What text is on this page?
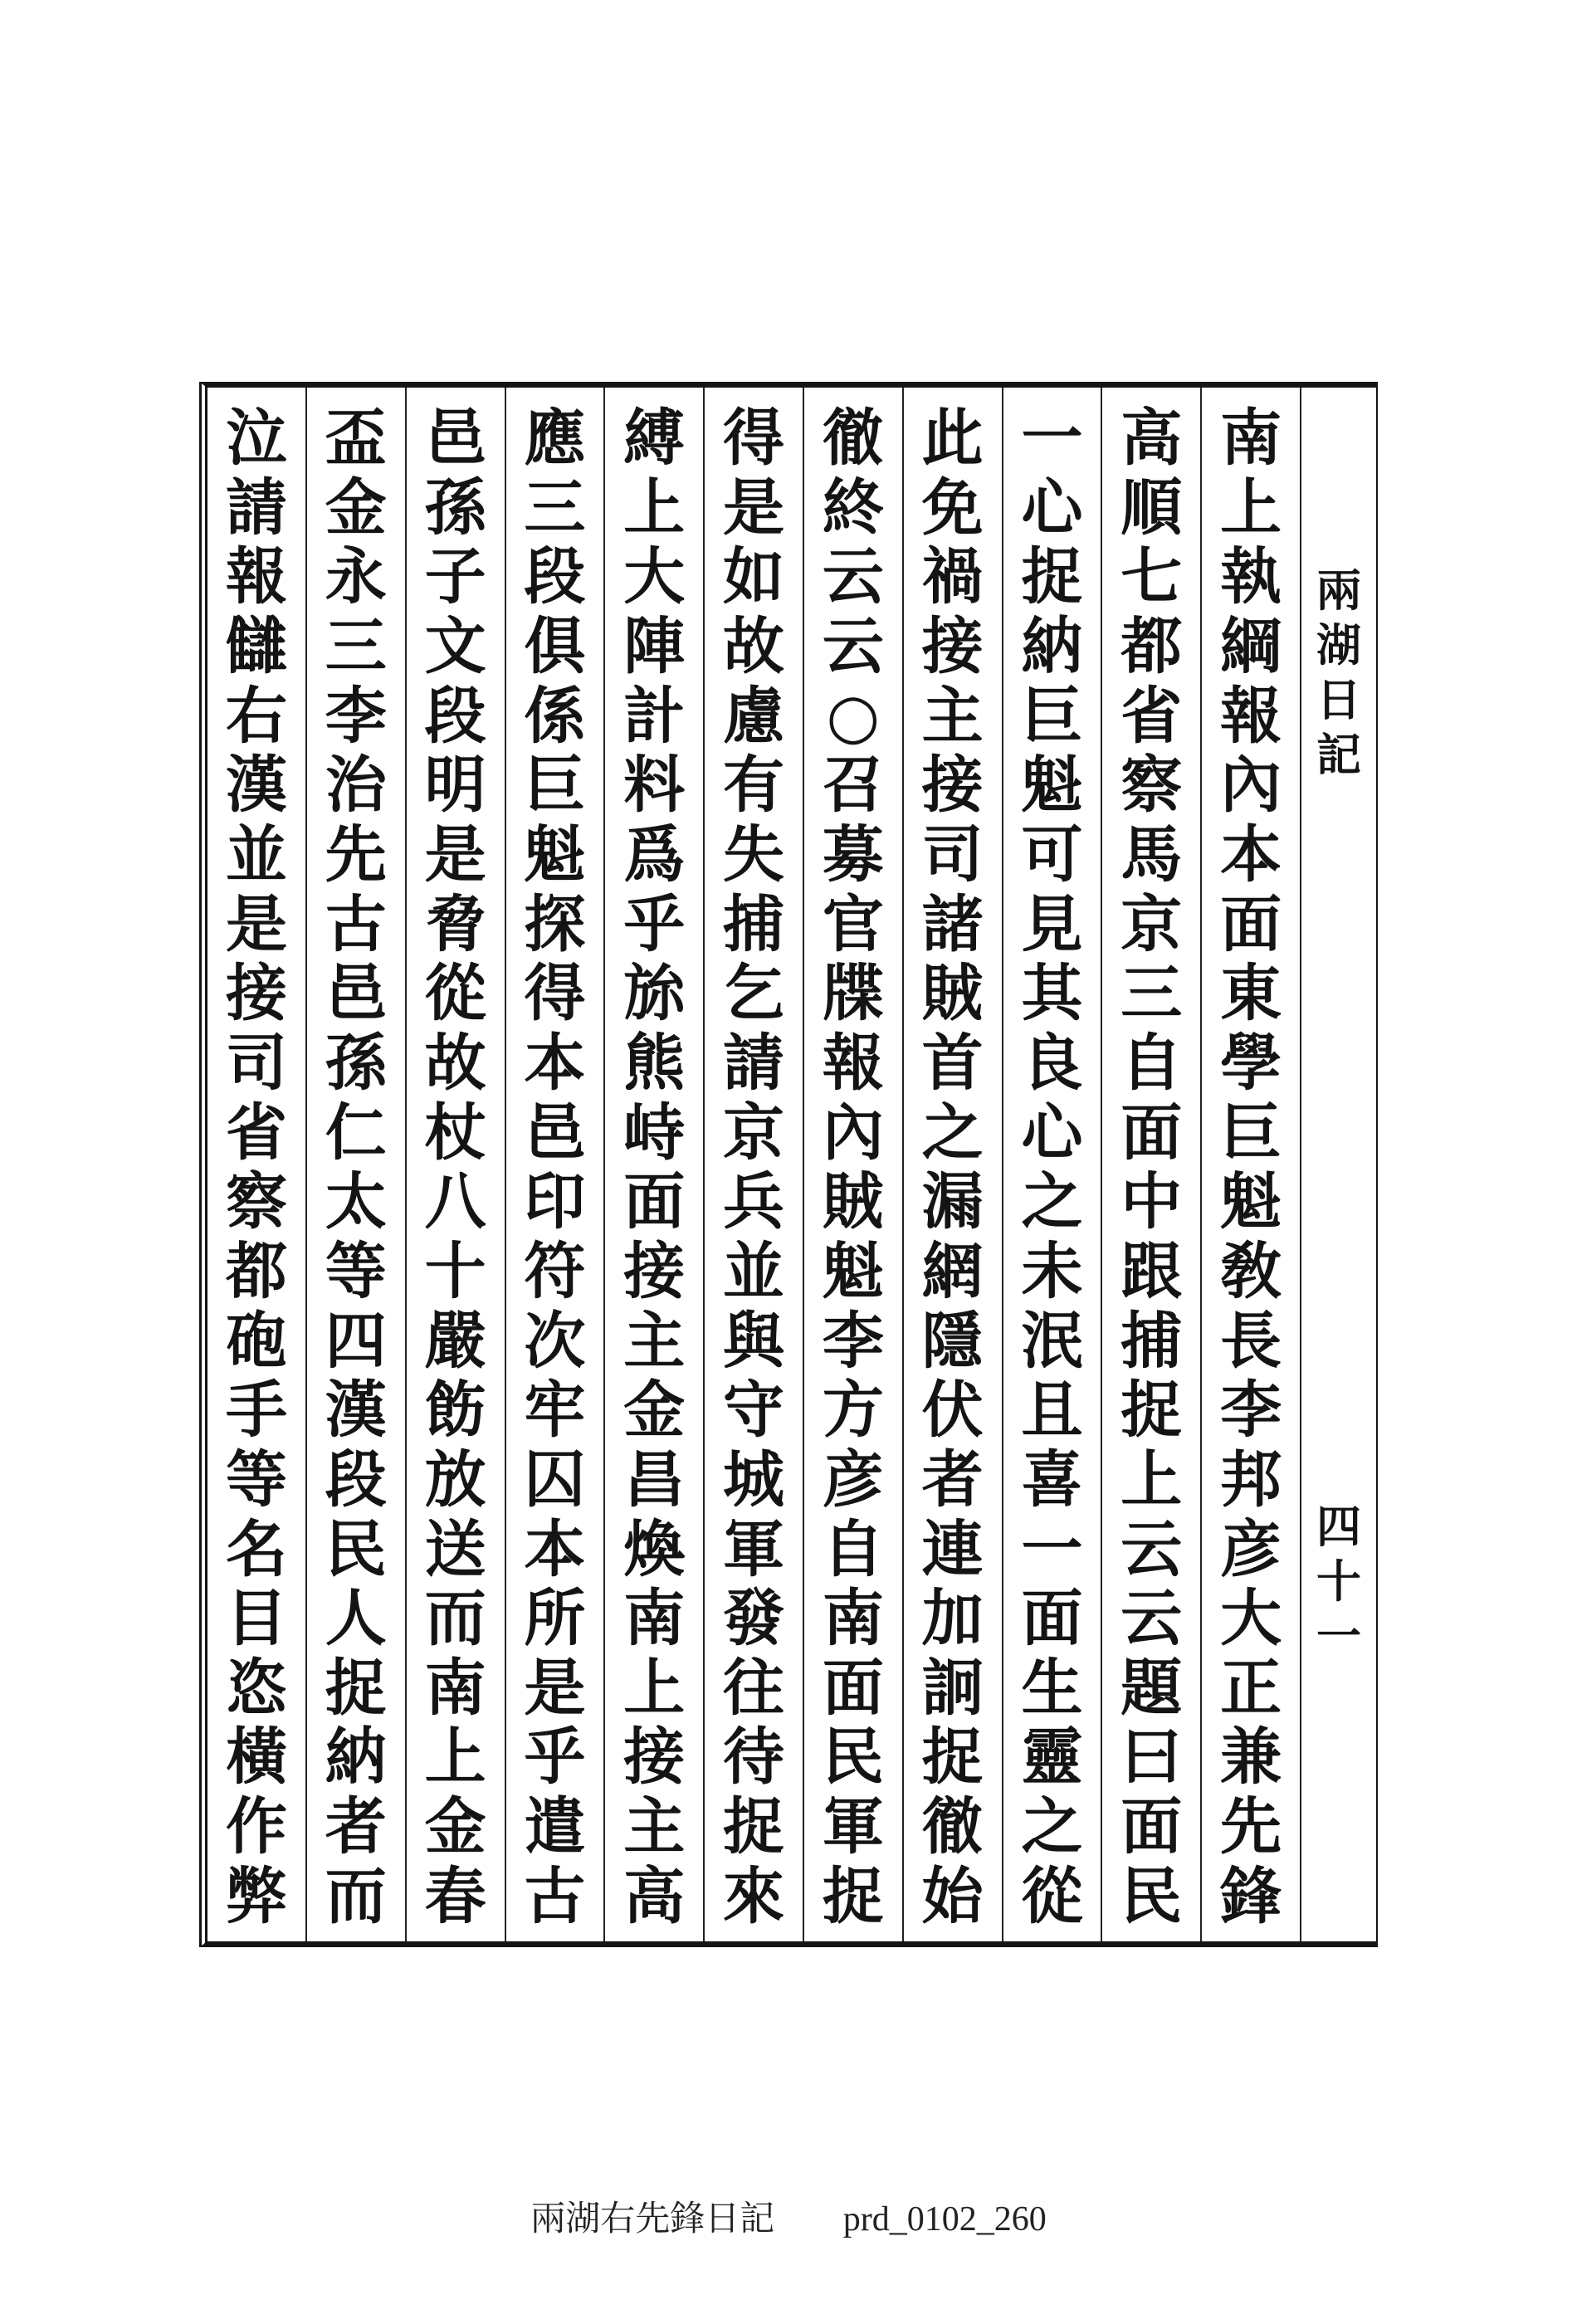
南
上
執
綱
報
內
本
面
東
學
巨
魁
敎
長
李
邦
彦
大
正
兼
先
鋒
高
順
七
都
省
察
馬
京
三
自
面
中
跟
捕
捉
上
云
云
題
曰
面
民
一
心
捉
納
巨
魁
可
見
其
良
心
之
未
泯
且
喜
一
面
生
靈
之
從
此
免
禍
接
主
接
司
諸
賊
首
之
漏
網
隱
伏
者
連
加
詗
捉
徹
始
徹
終
云
云
○
召
募
官
牒
報
內
賊
魁
李
方
彦
自
南
面
民
軍
捉
得
是
如
故
慮
有
失
捕
乞
請
京
兵
並
與
守
城
軍
發
往
待
捉
來
縛
上
大
陣
計
料
爲
乎
旀
熊
峙
面
接
主
金
昌
煥
南
上
接
主
高
應
三
段
俱
係
巨
魁
探
得
本
邑
印
符
次
牢
囚
本
所
是
乎
遣
古
邑
孫
子
文
段
明
是
脅
從
故
杖
八
十
嚴
飭
放
送
而
南
上
金
春
盃
金
永
三
李
治
先
古
邑
孫
仁
太
等
四
漢
段
民
人
捉
納
者
而
泣
請
報
讎
右
漢
並
是
接
司
省
察
都
砲
手
等
名
目
恣
橫
作
弊
兩
湖
日
記
四
十
一
兩湖右先鋒日記 prd_0102_260
